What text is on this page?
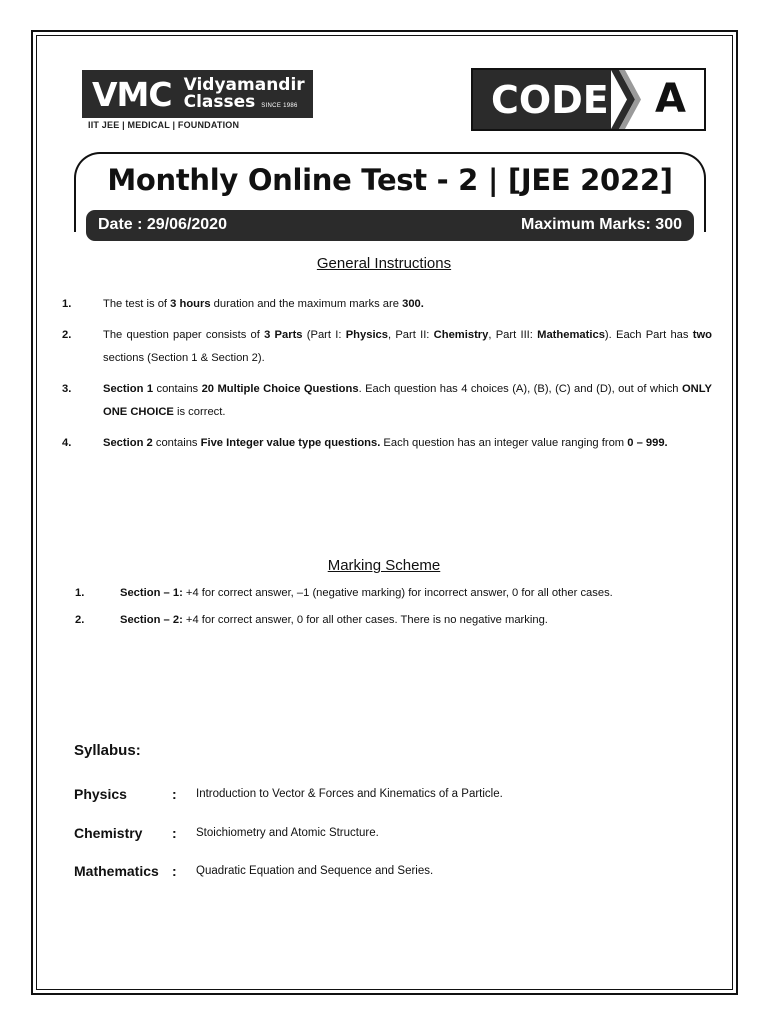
VMC Vidyamandir
Classes SINCE 1986
IIT JEE | MEDICAL | FOUNDATION
CODE A
Monthly Online Test - 2 | [JEE 2022]
Date : 29/06/2020	Maximum Marks: 300
General Instructions
1.	The test is of 3 hours duration and the maximum marks are 300.
2.	The question paper consists of 3 Parts (Part I: Physics, Part II: Chemistry, Part III: Mathematics). Each Part has two sections (Section 1 & Section 2).
3.	Section 1 contains 20 Multiple Choice Questions. Each question has 4 choices (A), (B), (C) and (D), out of which ONLY ONE CHOICE is correct.
4.	Section 2 contains Five Integer value type questions. Each question has an integer value ranging from 0 – 999.
Marking Scheme
1.	Section – 1: +4 for correct answer, –1 (negative marking) for incorrect answer, 0 for all other cases.
2.	Section – 2: +4 for correct answer, 0 for all other cases. There is no negative marking.
Syllabus:
Physics	: Introduction to Vector & Forces and Kinematics of a Particle.
Chemistry : Stoichiometry and Atomic Structure.
Mathematics : Quadratic Equation and Sequence and Series.
